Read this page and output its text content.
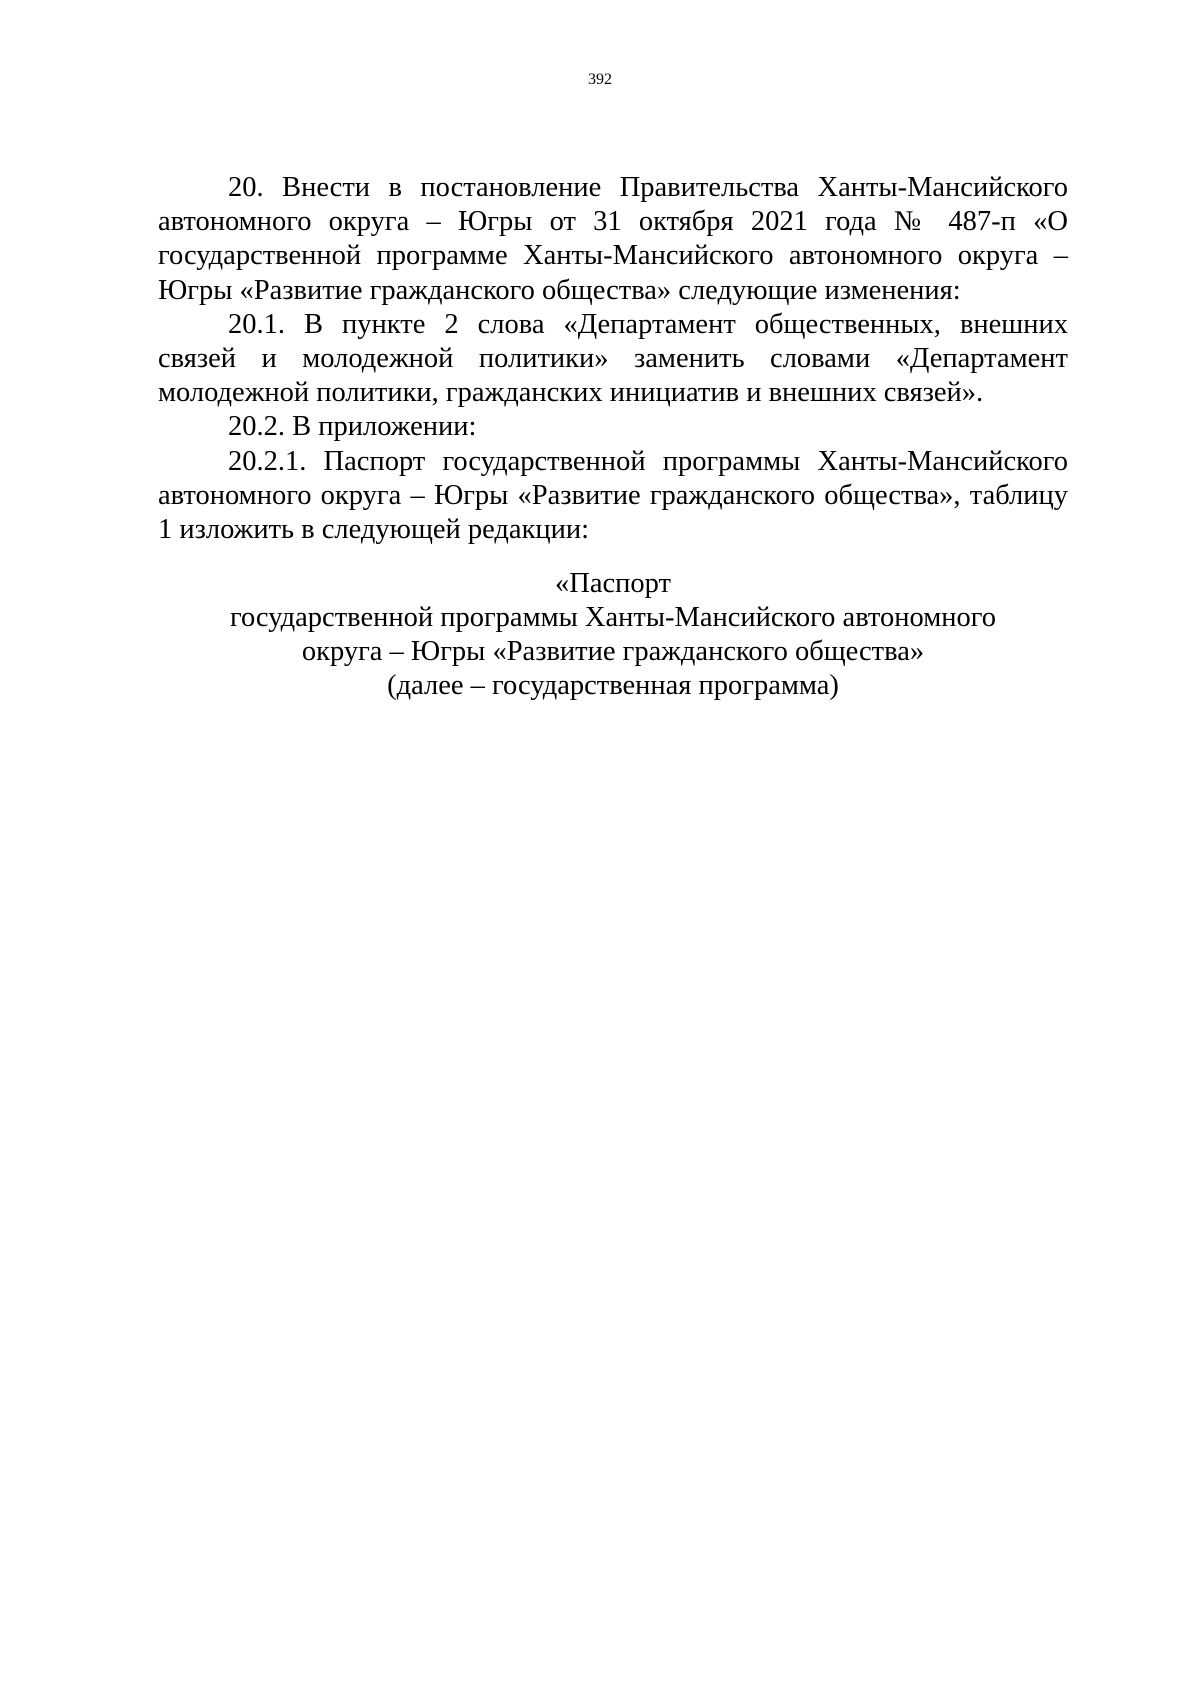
392

20. Внести в постановление Правительства Ханты-Мансийского автономного округа – Югры от 31 октября 2021 года № 487-п «О государственной программе Ханты-Мансийского автономного округа – Югры «Развитие гражданского общества» следующие изменения:

20.1. В пункте 2 слова «Департамент общественных, внешних связей и молодежной политики» заменить словами «Департамент молодежной политики, гражданских инициатив и внешних связей».

20.2. В приложении:

20.2.1. Паспорт государственной программы Ханты-Мансийского автономного округа – Югры «Развитие гражданского общества», таблицу 1 изложить в следующей редакции:

«Паспорт
государственной программы Ханты-Мансийского автономного
округа – Югры «Развитие гражданского общества»
(далее – государственная программа)
